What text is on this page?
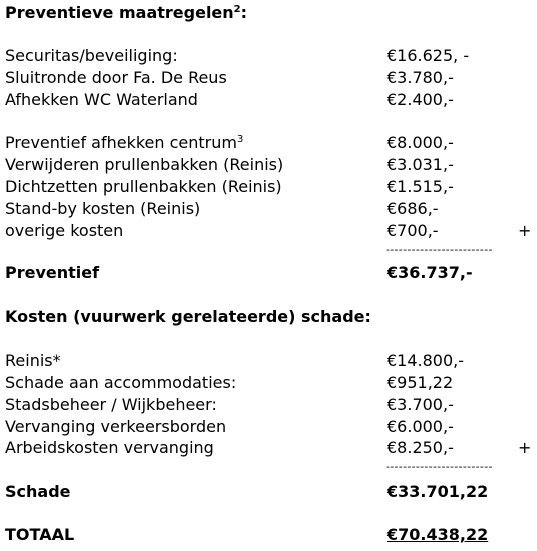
Preventieve maatregelen$^2$:
Securitas/beveiliging:	€16.625, -
Sluitronde door Fa. De Reus	€3.780,-
Afhekken WC Waterland	€2.400,-
Preventief afhekken centrum$^3$	€8.000,-
Verwijderen prullenbakken (Reinis)	€3.031,-
Dichtzetten prullenbakken (Reinis)	€1.515,-
Stand-by kosten (Reinis)	€686,-
overige kosten	€700,-	+
-------------------------
Preventief	€36.737,-
Kosten (vuurwerk gerelateerde) schade:
Reinis*	€14.800,-
Schade aan accommodaties:	€951,22
Stadsbeheer / Wijkbeheer:	€3.700,-
Vervanging verkeersborden	€6.000,-
Arbeidskosten vervanging	€8.250,-	+
-------------------------
Schade	€33.701,22
TOTAAL	€70.438,22
